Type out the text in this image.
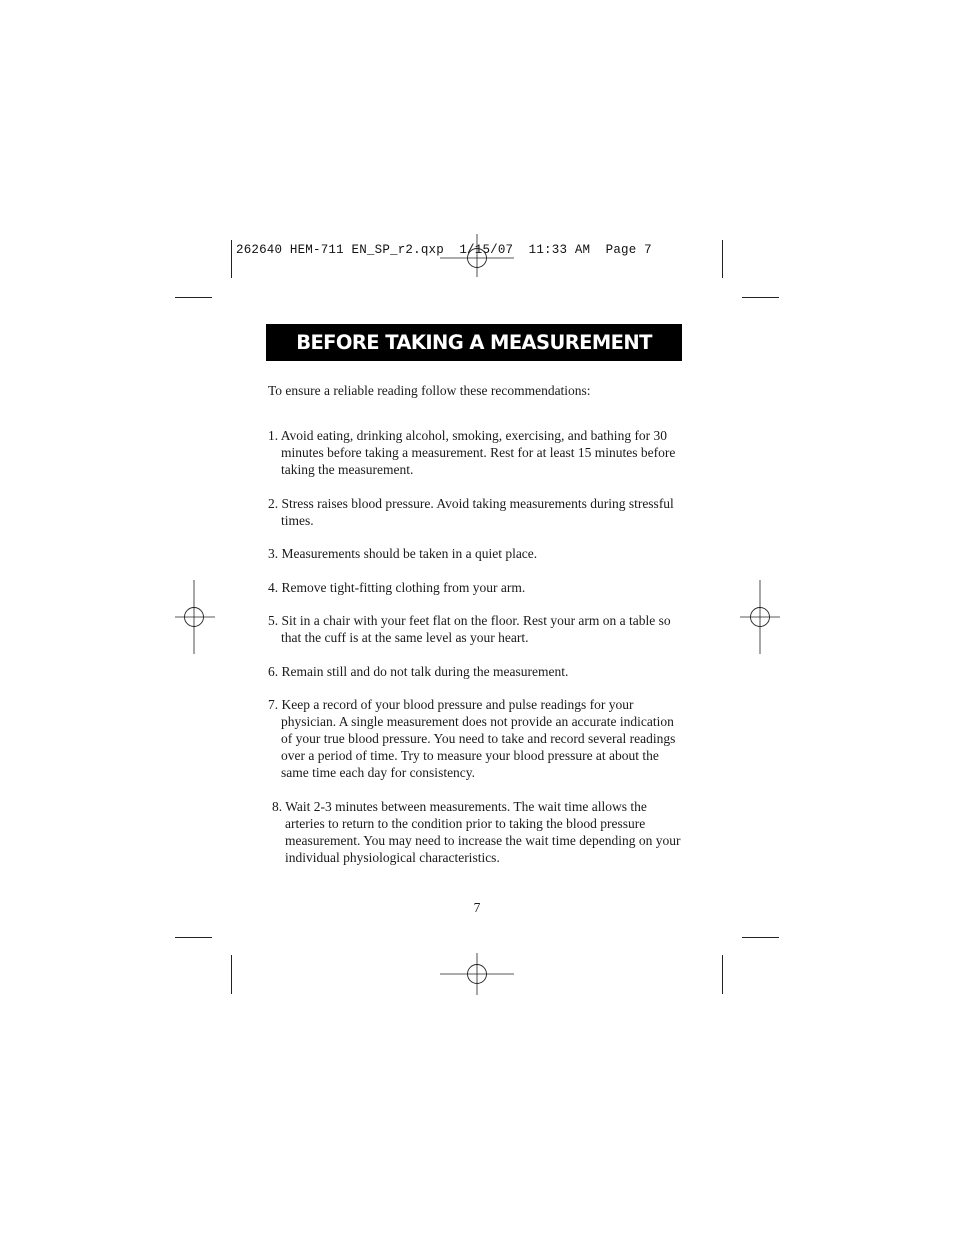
262640 HEM-711 EN_SP_r2.qxp  1/15/07  11:33 AM  Page 7
BEFORE TAKING A MEASUREMENT

To ensure a reliable reading follow these recommendations:

1. Avoid eating, drinking alcohol, smoking, exercising, and bathing for 30 minutes before taking a measurement. Rest for at least 15 minutes before taking the measurement.
2. Stress raises blood pressure. Avoid taking measurements during stressful times.
3. Measurements should be taken in a quiet place.
4. Remove tight-fitting clothing from your arm.
5. Sit in a chair with your feet flat on the floor. Rest your arm on a table so that the cuff is at the same level as your heart.
6. Remain still and do not talk during the measurement.
7. Keep a record of your blood pressure and pulse readings for your physician. A single measurement does not provide an accurate indication of your true blood pressure. You need to take and record several readings over a period of time. Try to measure your blood pressure at about the same time each day for consistency.
8. Wait 2-3 minutes between measurements. The wait time allows the arteries to return to the condition prior to taking the blood pressure measurement. You may need to increase the wait time depending on your individual physiological characteristics.
7
